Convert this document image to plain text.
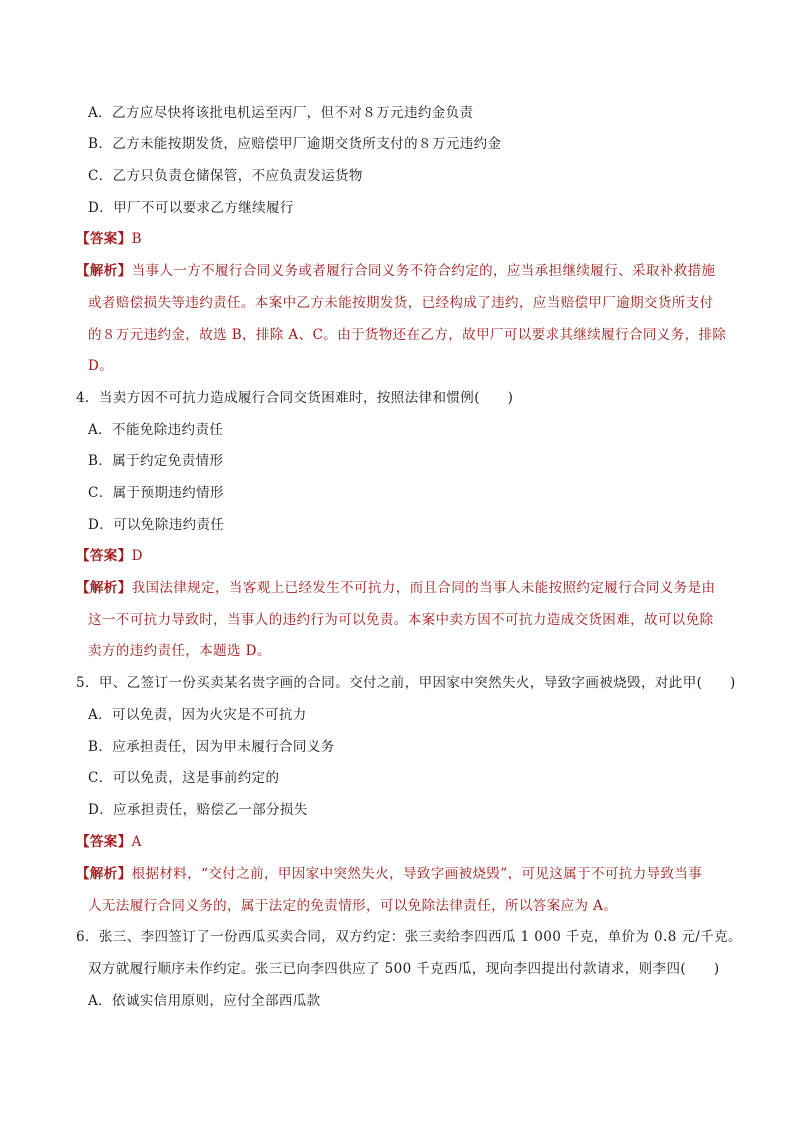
A．乙方应尽快将该批电机运至丙厂，但不对８万元违约金负责
B．乙方未能按期发货，应赔偿甲厂逾期交货所支付的８万元违约金
C．乙方只负责仓储保管，不应负责发运货物
D．甲厂不可以要求乙方继续履行
【答案】B
【解析】当事人一方不履行合同义务或者履行合同义务不符合约定的，应当承担继续履行、采取补救措施
或者赔偿损失等违约责任。本案中乙方未能按期发货，已经构成了违约，应当赔偿甲厂逾期交货所支付
的８万元违约金，故选 B，排除 A、C。由于货物还在乙方，故甲厂可以要求其继续履行合同义务，排除
D。
4．当卖方因不可抗力造成履行合同交货困难时，按照法律和惯例(　　)
A．不能免除违约责任
B．属于约定免责情形
C．属于预期违约情形
D．可以免除违约责任
【答案】D
【解析】我国法律规定，当客观上已经发生不可抗力，而且合同的当事人未能按照约定履行合同义务是由
这一不可抗力导致时，当事人的违约行为可以免责。本案中卖方因不可抗力造成交货困难，故可以免除
卖方的违约责任，本题选 D。
5．甲、乙签订一份买卖某名贵字画的合同。交付之前，甲因家中突然失火，导致字画被烧毁，对此甲(　　)
A．可以免责，因为火灾是不可抗力
B．应承担责任，因为甲未履行合同义务
C．可以免责，这是事前约定的
D．应承担责任，赔偿乙一部分损失
【答案】A
【解析】根据材料，“交付之前，甲因家中突然失火，导致字画被烧毁”，可见这属于不可抗力导致当事
人无法履行合同义务的，属于法定的免责情形，可以免除法律责任，所以答案应为 A。
6．张三、李四签订了一份西瓜买卖合同，双方约定：张三卖给李四西瓜 1 000 千克，单价为 0.8 元/千克。
双方就履行顺序未作约定。张三已向李四供应了 500 千克西瓜，现向李四提出付款请求，则李四(　　)
A．依诚实信用原则，应付全部西瓜款
